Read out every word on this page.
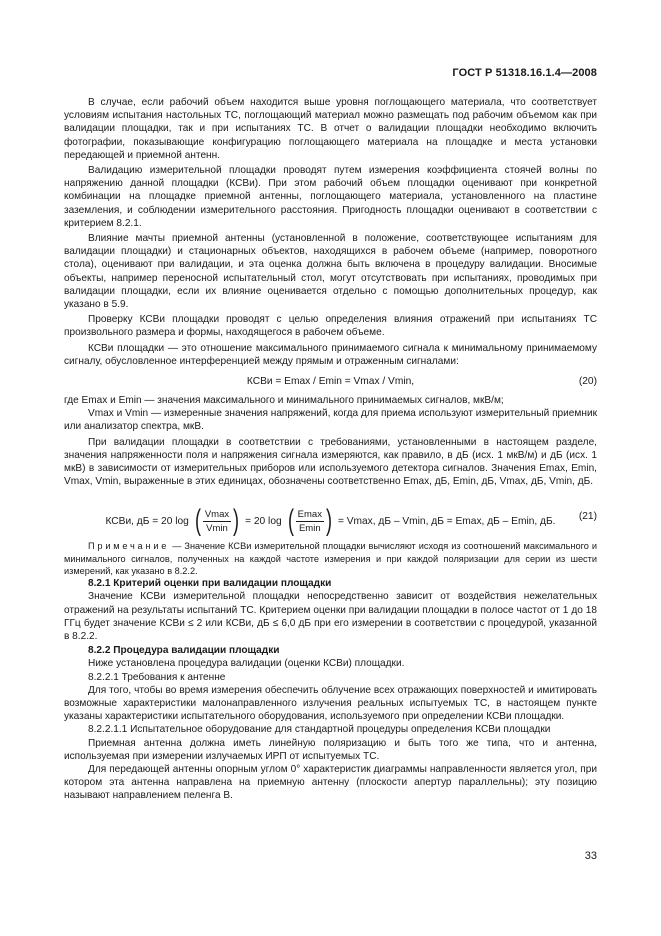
ГОСТ Р 51318.16.1.4—2008

В случае, если рабочий объем находится выше уровня поглощающего материала, что соответствует условиям испытания настольных ТС, поглощающий материал можно размещать под рабочим объемом как при валидации площадки, так и при испытаниях ТС. В отчет о валидации площадки необходимо включить фотографии, показывающие конфигурацию поглощающего материала на площадке и места установки передающей и приемной антенн.

Валидацию измерительной площадки проводят путем измерения коэффициента стоячей волны по напряжению данной площадки (КСВи). При этом рабочий объем площадки оценивают при конкретной комбинации на площадке приемной антенны, поглощающего материала, установленного на пластине заземления, и соблюдении измерительного расстояния. Пригодность площадки оценивают в соответствии с критерием 8.2.1.

Влияние мачты приемной антенны (установленной в положение, соответствующее испытаниям для валидации площадки) и стационарных объектов, находящихся в рабочем объеме (например, поворотного стола), оценивают при валидации, и эта оценка должна быть включена в процедуру валидации. Вносимые объекты, например переносной испытательный стол, могут отсутствовать при испытаниях, проводимых при валидации площадки, если их влияние оценивается отдельно с помощью дополнительных процедур, как указано в 5.9.

Проверку КСВи площадки проводят с целью определения влияния отражений при испытаниях ТС произвольного размера и формы, находящегося в рабочем объеме.

КСВи площадки — это отношение максимального принимаемого сигнала к минимальному принимаемому сигналу, обусловленное интерференцией между прямым и отраженным сигналами:

КСВи = Emax / Emin = Vmax / Vmin,	(20)

где Emax и Emin — значения максимального и минимального принимаемых сигналов, мкВ/м;

Vmax и Vmin — измеренные значения напряжений, когда для приема используют измерительный приемник или анализатор спектра, мкВ.

При валидации площадки в соответствии с требованиями, установленными в настоящем разделе, значения напряженности поля и напряжения сигнала измеряются, как правило, в дБ (исх. 1 мкВ/м) и дБ (исх. 1 мкВ) в зависимости от измерительных приборов или используемого детектора сигналов. Значения Emax, Emin, Vmax, Vmin, выраженные в этих единицах, обозначены соответственно Emax, дБ, Emin, дБ, Vmax, дБ, Vmin, дБ.

КСВи, дБ = 20 log ( Vmax
Vmin ) = 20 log ( Emax
Emin ) = Vmax, дБ – Vmin, дБ = Emax, дБ – Emin, дБ. (21)

Примечание — Значение КСВи измерительной площадки вычисляют исходя из соотношений максимального и минимального сигналов, полученных на каждой частоте измерения и при каждой поляризации для серии из шести измерений, как указано в 8.2.2.

8.2.1 Критерий оценки при валидации площадки

Значение КСВи измерительной площадки непосредственно зависит от воздействия нежелательных отражений на результаты испытаний ТС. Критерием оценки при валидации площадки в полосе частот от 1 до 18 ГГц будет значение КСВи ≤ 2 или КСВи, дБ ≤ 6,0 дБ при его измерении в соответствии с процедурой, указанной в 8.2.2.

8.2.2 Процедура валидации площадки

Ниже установлена процедура валидации (оценки КСВи) площадки.

8.2.2.1 Требования к антенне

Для того, чтобы во время измерения обеспечить облучение всех отражающих поверхностей и имитировать возможные характеристики малонаправленного излучения реальных испытуемых ТС, в настоящем пункте указаны характеристики испытательного оборудования, используемого при определении КСВи площадки.

8.2.2.1.1 Испытательное оборудование для стандартной процедуры определения КСВи площадки

Приемная антенна должна иметь линейную поляризацию и быть того же типа, что и антенна, используемая при измерении излучаемых ИРП от испытуемых ТС.

Для передающей антенны опорным углом 0° характеристик диаграммы направленности является угол, при котором эта антенна направлена на приемную антенну (плоскости апертур параллельны); эту позицию называют направлением пеленга B.

33
